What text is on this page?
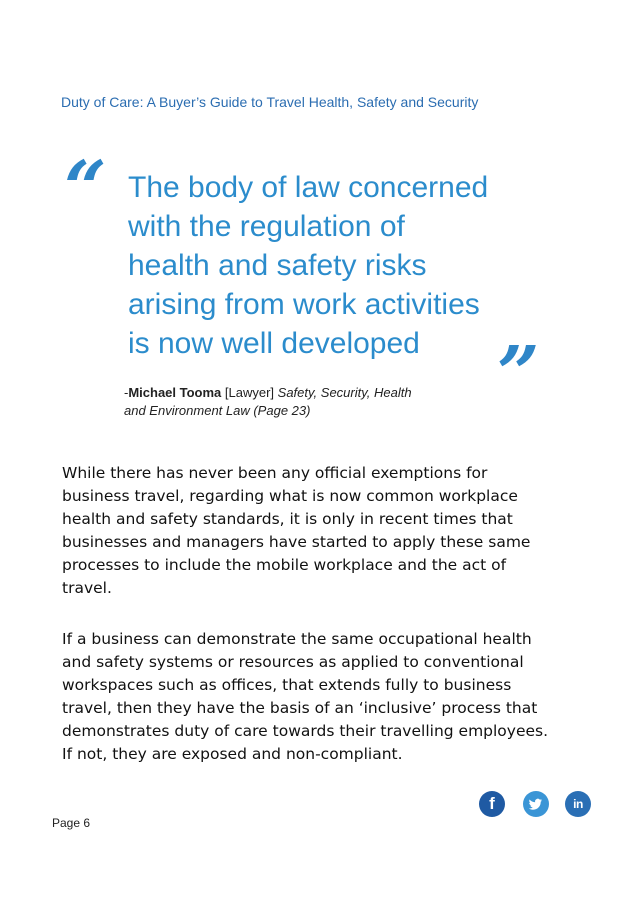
Duty of Care: A Buyer’s Guide to Travel Health, Safety and Security
“ The body of law concerned
with the regulation of
health and safety risks
arising from work activities
is now well developed	”
-Michael Tooma [Lawyer] Safety, Security, Health
and Environment Law (Page 23)
While there has never been any official exemptions for
business travel, regarding what is now common workplace
health and safety standards, it is only in recent times that
businesses and managers have started to apply these same
processes to include the mobile workplace and the act of
travel.
If a business can demonstrate the same occupational health
and safety systems or resources as applied to conventional
workspaces such as offices, that extends fully to business
travel, then they have the basis of an ‘inclusive’ process that
demonstrates duty of care towards their travelling employees.
If not, they are exposed and non-compliant.
Page 6
f	in
